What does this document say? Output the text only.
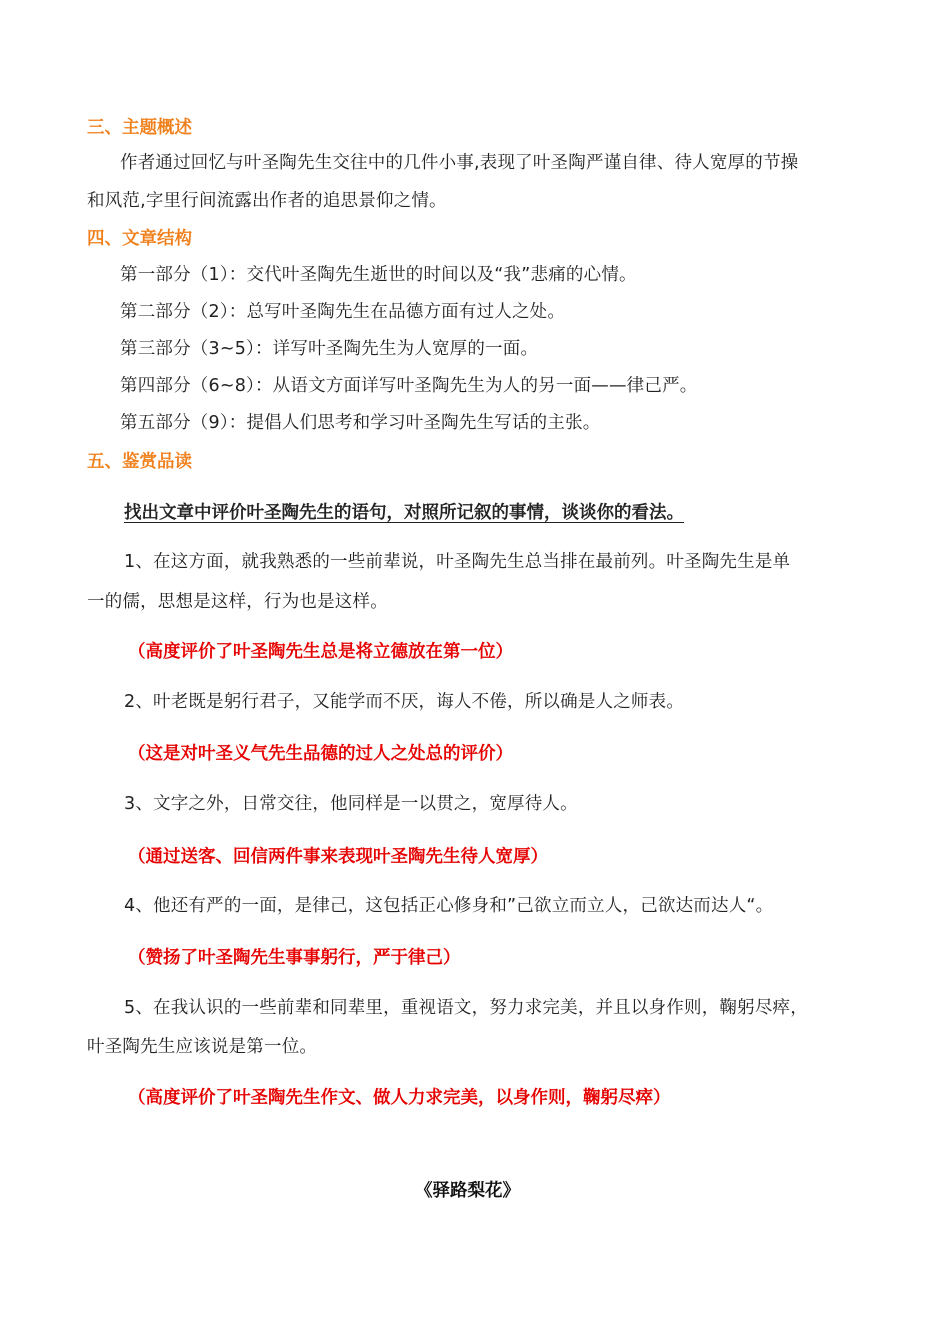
三、主题概述
作者通过回忆与叶圣陶先生交往中的几件小事,表现了叶圣陶严谨自律、待人宽厚的节操
和风范,字里行间流露出作者的追思景仰之情。
四、文章结构
第一部分（1）：交代叶圣陶先生逝世的时间以及“我”悲痛的心情。
第二部分（2）：总写叶圣陶先生在品德方面有过人之处。
第三部分（3~5）：详写叶圣陶先生为人宽厚的一面。
第四部分（6~8）：从语文方面详写叶圣陶先生为人的另一面——律己严。
第五部分（9）：提倡人们思考和学习叶圣陶先生写话的主张。
五、鉴赏品读
找出文章中评价叶圣陶先生的语句，对照所记叙的事情，谈谈你的看法。
1、在这方面，就我熟悉的一些前辈说，叶圣陶先生总当排在最前列。叶圣陶先生是单
一的儒，思想是这样，行为也是这样。
（高度评价了叶圣陶先生总是将立德放在第一位）
2、叶老既是躬行君子，又能学而不厌，诲人不倦，所以确是人之师表。
（这是对叶圣义气先生品德的过人之处总的评价）
3、文字之外，日常交往，他同样是一以贯之，宽厚待人。
（通过送客、回信两件事来表现叶圣陶先生待人宽厚）
4、他还有严的一面，是律己，这包括正心修身和”己欲立而立人，己欲达而达人“。
（赞扬了叶圣陶先生事事躬行，严于律己）
5、在我认识的一些前辈和同辈里，重视语文，努力求完美，并且以身作则，鞠躬尽瘁，
叶圣陶先生应该说是第一位。
（高度评价了叶圣陶先生作文、做人力求完美，以身作则，鞠躬尽瘁）
《驿路梨花》
